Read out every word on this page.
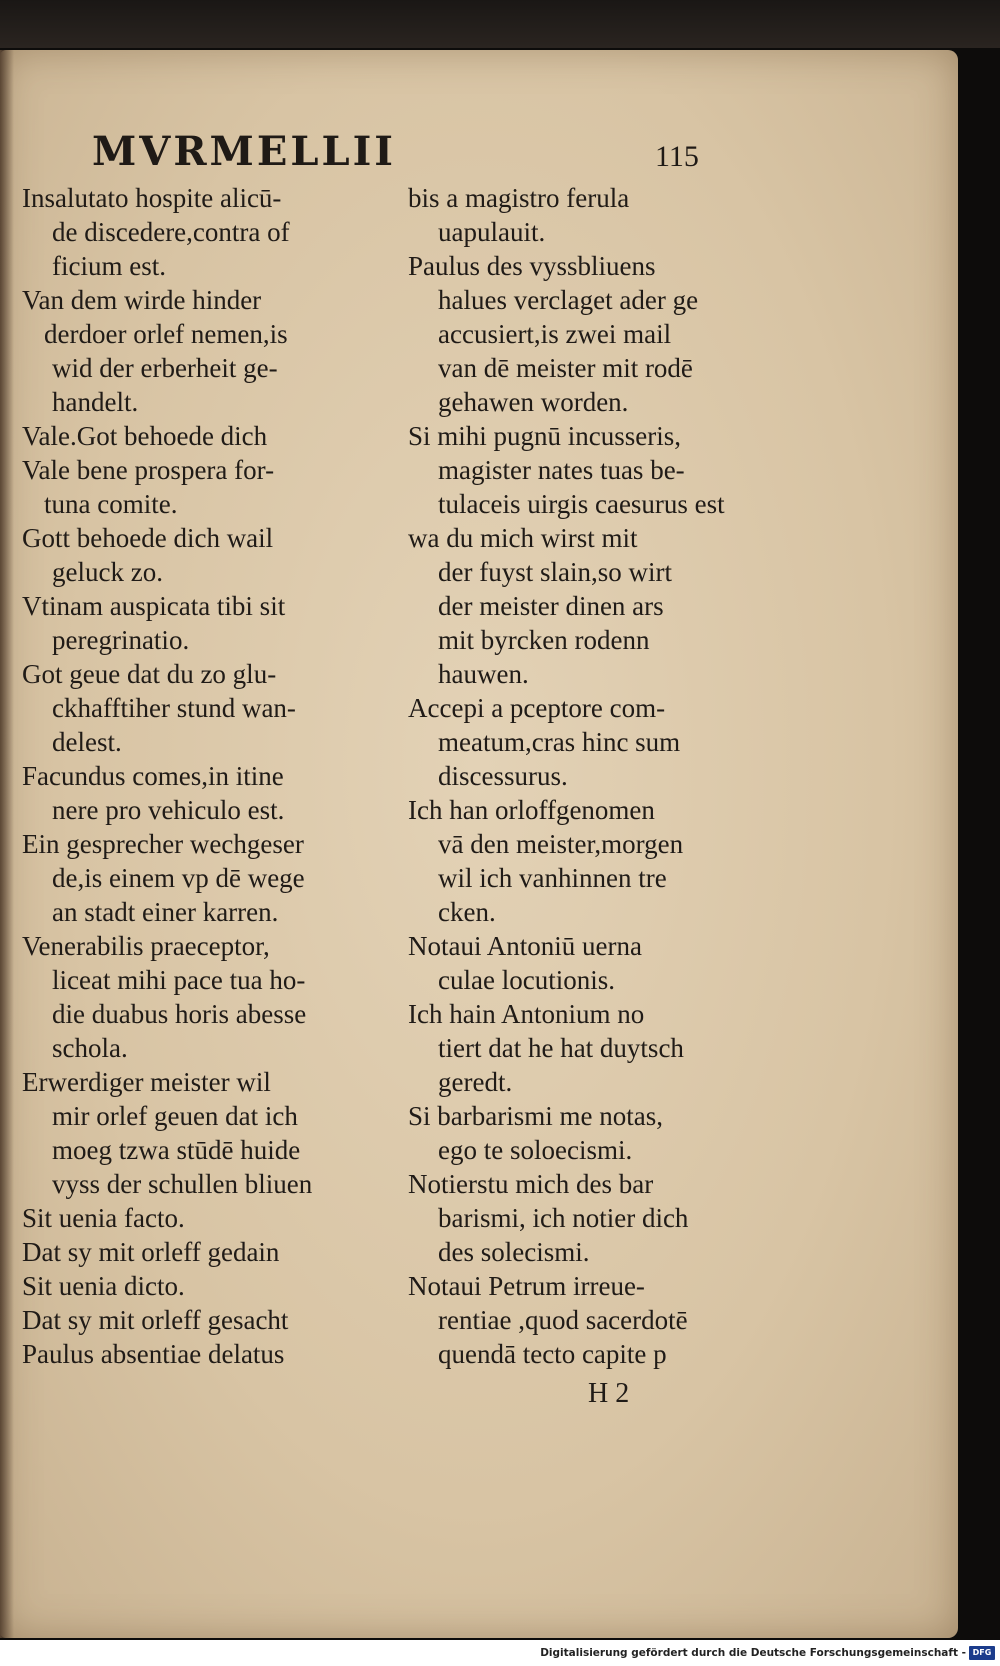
MVRMELLII	115

Insalutato hospite alicū-
de discedere,contra of
ficium est.
Van dem wirde hinder
derdoer orlef nemen,is
wid der erberheit ge-
handelt.
Vale.Got behoede dich
Vale bene prospera for-
tuna comite.
Gott behoede dich wail
geluck zo.
Vtinam auspicata tibi sit
peregrinatio.
Got geue dat du zo glu-
ckhafftiher stund wan-
delest.
Facundus comes,in itine
nere pro vehiculo est.
Ein gesprecher wechgeser
de,is einem vp dē wege
an stadt einer karren.
Venerabilis praeceptor,
liceat mihi pace tua ho-
die duabus horis abesse
schola.
Erwerdiger meister wil
mir orlef geuen dat ich
moeg tzwa stūdē huide
vyss der schullen bliuen
Sit uenia facto.
Dat sy mit orleff gedain
Sit uenia dicto.
Dat sy mit orleff gesacht
Paulus absentiae delatus
bis a magistro ferula
uapulauit.
Paulus des vyssbliuens
halues verclaget ader ge
accusiert,is zwei mail
van dē meister mit rodē
gehawen worden.
Si mihi pugnū incusseris,
magister nates tuas be-
tulaceis uirgis caesurus est
wa du mich wirst mit
der fuyst slain,so wirt
der meister dinen ars
mit byrcken rodenn
hauwen.
Accepi a pceptore com-
meatum,cras hinc sum
discessurus.
Ich han orloffgenomen
vā den meister,morgen
wil ich vanhinnen tre
cken.
Notaui Antoniū uerna
culae locutionis.
Ich hain Antonium no
tiert dat he hat duytsch
geredt.
Si barbarismi me notas,
ego te soloecismi.
Notierstu mich des bar
barismi, ich notier dich
des solecismi.
Notaui Petrum irreue-
rentiae ,quod sacerdotē
quendā tecto capite p

H 2

Digitalisierung gefördert durch die Deutsche Forschungsgemeinschaft - DFG
